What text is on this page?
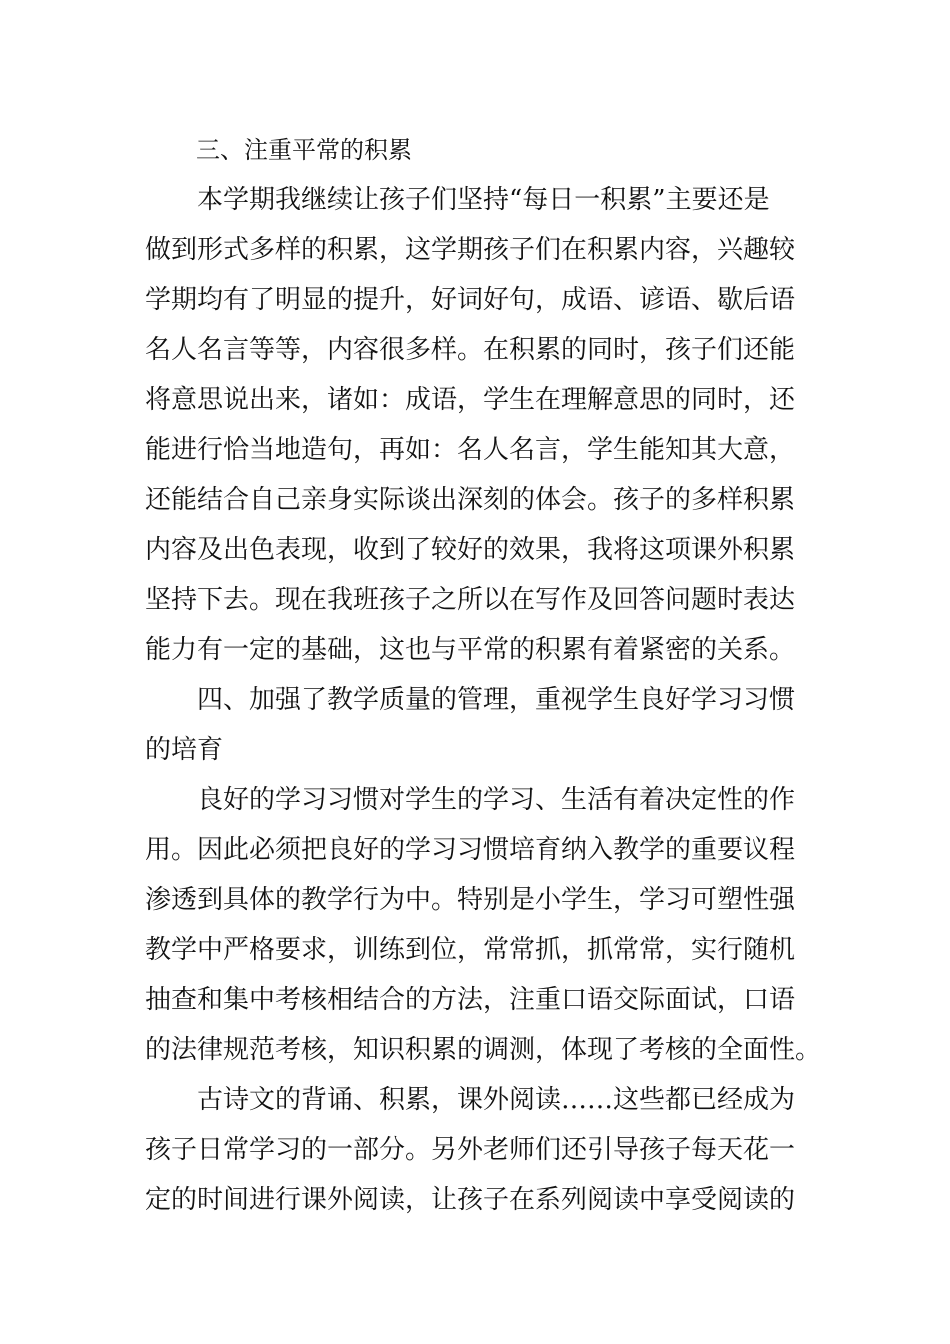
三、注重平常的积累
本学期我继续让孩子们坚持“每日一积累”主要还是
做到形式多样的积累，这学期孩子们在积累内容，兴趣较
学期均有了明显的提升，好词好句，成语、谚语、歇后语
名人名言等等，内容很多样。在积累的同时，孩子们还能
将意思说出来，诸如：成语，学生在理解意思的同时，还
能进行恰当地造句，再如：名人名言，学生能知其大意，
还能结合自己亲身实际谈出深刻的体会。孩子的多样积累
内容及出色表现，收到了较好的效果，我将这项课外积累
坚持下去。现在我班孩子之所以在写作及回答问题时表达
能力有一定的基础，这也与平常的积累有着紧密的关系。
四、加强了教学质量的管理，重视学生良好学习习惯
的培育
良好的学习习惯对学生的学习、生活有着决定性的作
用。因此必须把良好的学习习惯培育纳入教学的重要议程
渗透到具体的教学行为中。特别是小学生，学习可塑性强
教学中严格要求，训练到位，常常抓，抓常常，实行随机
抽查和集中考核相结合的方法，注重口语交际面试，口语
的法律规范考核，知识积累的调测，体现了考核的全面性。
古诗文的背诵、积累，课外阅读……这些都已经成为
孩子日常学习的一部分。另外老师们还引导孩子每天花一
定的时间进行课外阅读，让孩子在系列阅读中享受阅读的
